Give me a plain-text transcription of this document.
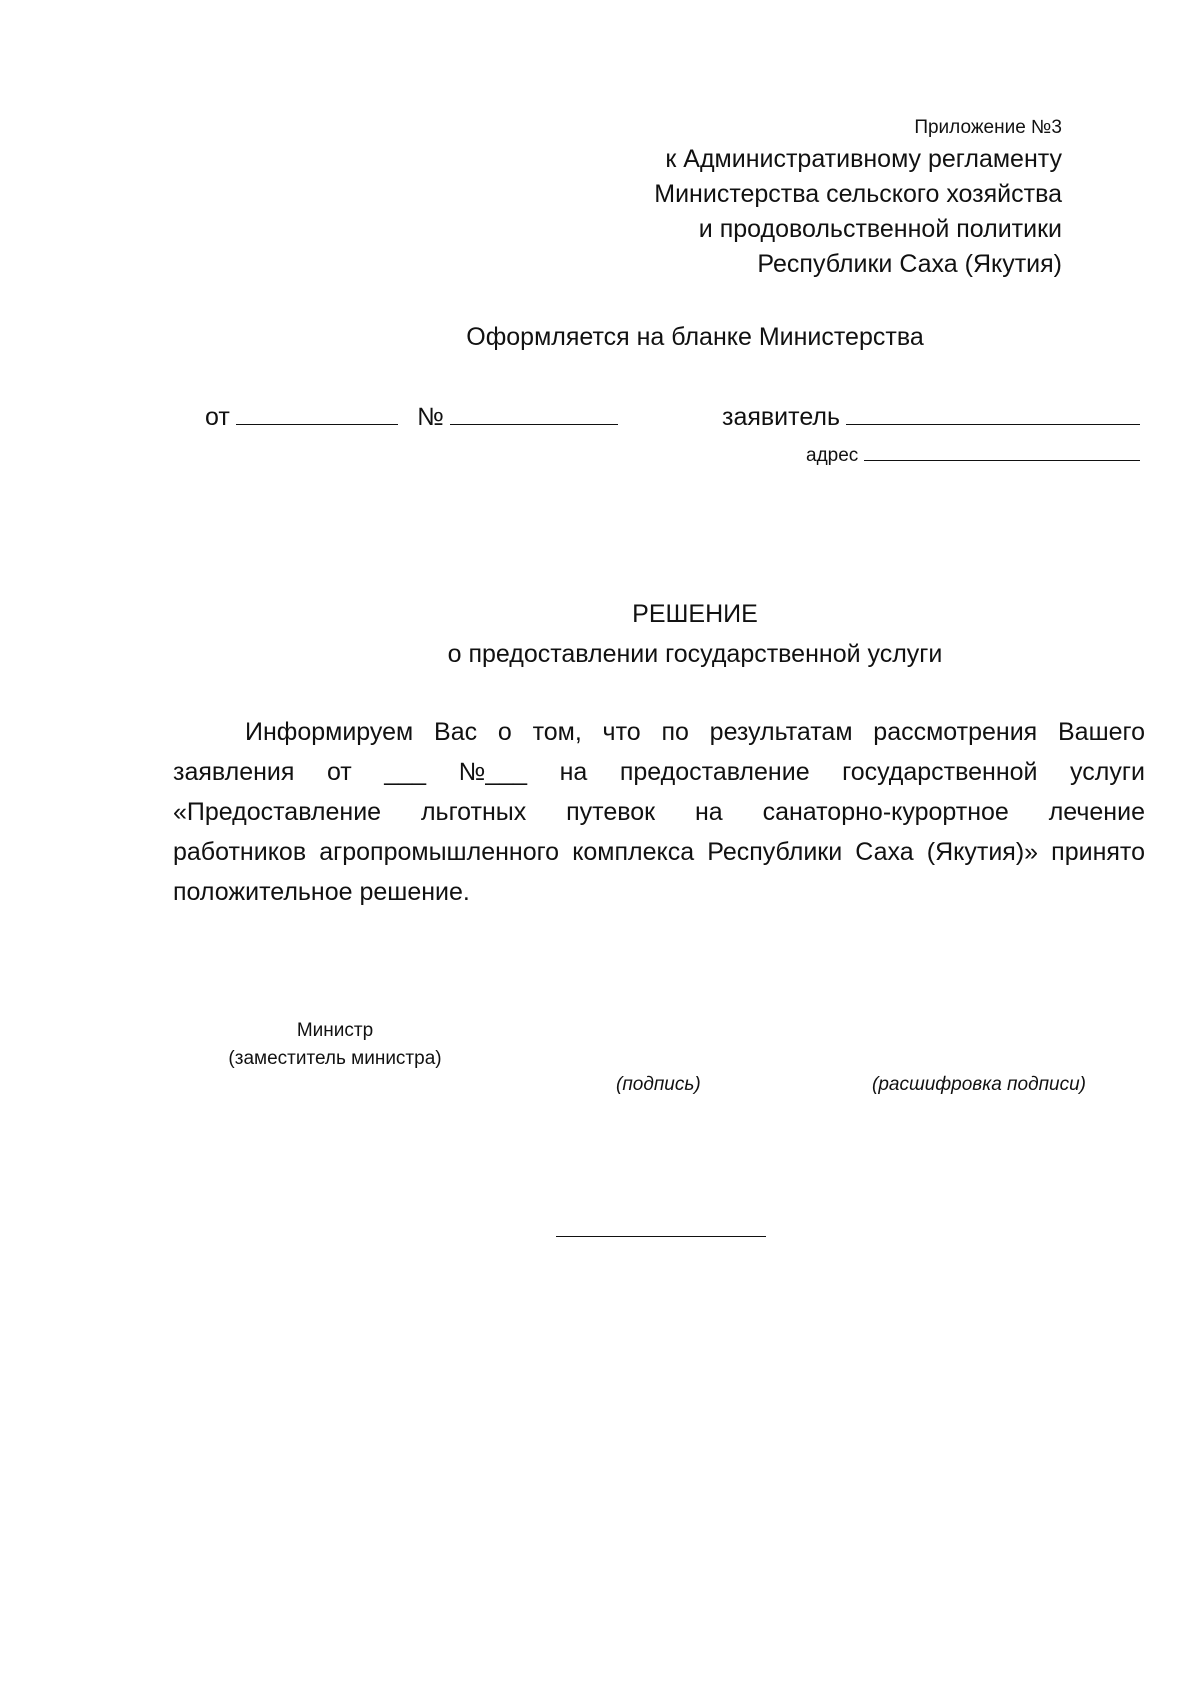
Приложение №3
к Административному регламенту
Министерства сельского хозяйства
и продовольственной политики
Республики Саха (Якутия)
Оформляется на бланке Министерства
от	№	заявитель
адрес
РЕШЕНИЕ
о предоставлении государственной услуги
Информируем Вас о том, что по результатам рассмотрения Вашего
заявления от ___ №___ на предоставление государственной услуги
«Предоставление льготных путевок на санаторно-курортное лечение
работников агропромышленного комплекса Республики Саха (Якутия)» принято
положительное решение.
Министр
(заместитель министра)
(подпись)	(расшифровка подписи)
